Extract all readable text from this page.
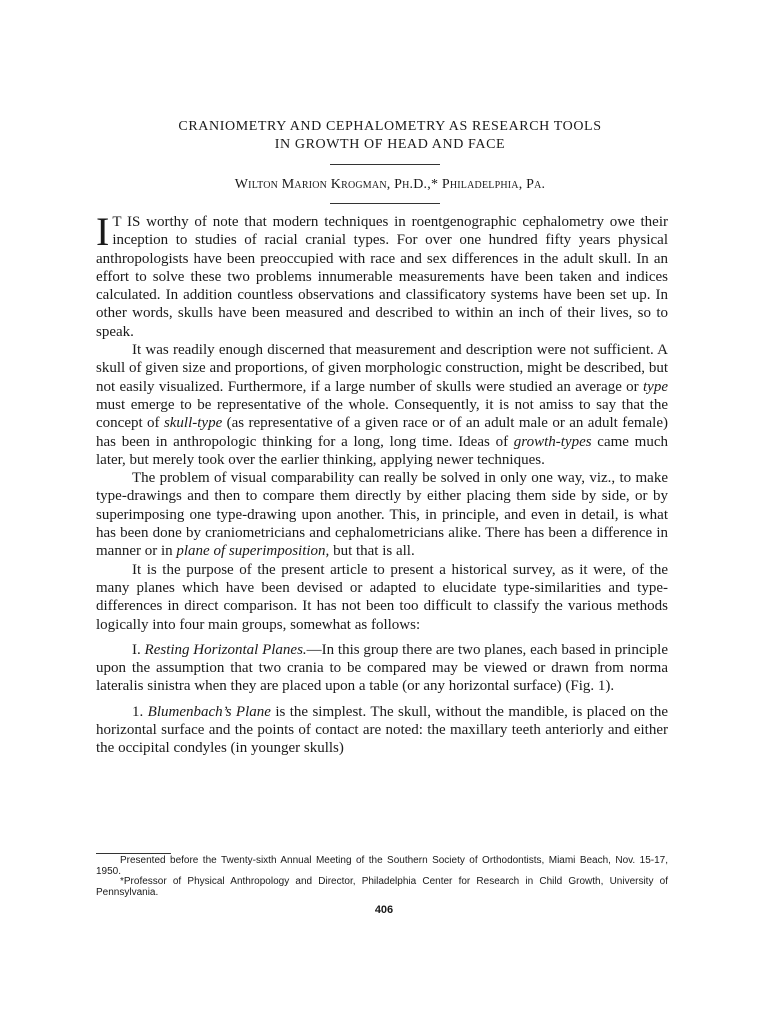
CRANIOMETRY AND CEPHALOMETRY AS RESEARCH TOOLS
IN GROWTH OF HEAD AND FACE
Wilton Marion Krogman, Ph.D.,* Philadelphia, Pa.

I T IS worthy of note that modern techniques in roentgenographic cephalometry owe their inception to studies of racial cranial types. For over one hundred fifty years physical anthropologists have been preoccupied with race and sex differences in the adult skull. In an effort to solve these two problems innumerable measurements have been taken and indices calculated. In addition countless observations and classificatory systems have been set up. In other words, skulls have been measured and described to within an inch of their lives, so to speak.

It was readily enough discerned that measurement and description were not sufficient. A skull of given size and proportions, of given morphologic construction, might be described, but not easily visualized. Furthermore, if a large number of skulls were studied an average or type must emerge to be representative of the whole. Consequently, it is not amiss to say that the concept of skull-type (as representative of a given race or of an adult male or an adult female) has been in anthropologic thinking for a long, long time. Ideas of growth-types came much later, but merely took over the earlier thinking, applying newer techniques.

The problem of visual comparability can really be solved in only one way, viz., to make type-drawings and then to compare them directly by either placing them side by side, or by superimposing one type-drawing upon another. This, in principle, and even in detail, is what has been done by craniometricians and cephalometricians alike. There has been a difference in manner or in plane of superimposition, but that is all.

It is the purpose of the present article to present a historical survey, as it were, of the many planes which have been devised or adapted to elucidate type-similarities and type-differences in direct comparison. It has not been too difficult to classify the various methods logically into four main groups, somewhat as follows:

I. Resting Horizontal Planes.—In this group there are two planes, each based in principle upon the assumption that two crania to be compared may be viewed or drawn from norma lateralis sinistra when they are placed upon a table (or any horizontal surface) (Fig. 1).

1. Blumenbach’s Plane is the simplest. The skull, without the mandible, is placed on the horizontal surface and the points of contact are noted: the maxillary teeth anteriorly and either the occipital condyles (in younger skulls)

Presented before the Twenty-sixth Annual Meeting of the Southern Society of Orthodontists, Miami Beach, Nov. 15-17, 1950.

*Professor of Physical Anthropology and Director, Philadelphia Center for Research in Child Growth, University of Pennsylvania.

406
